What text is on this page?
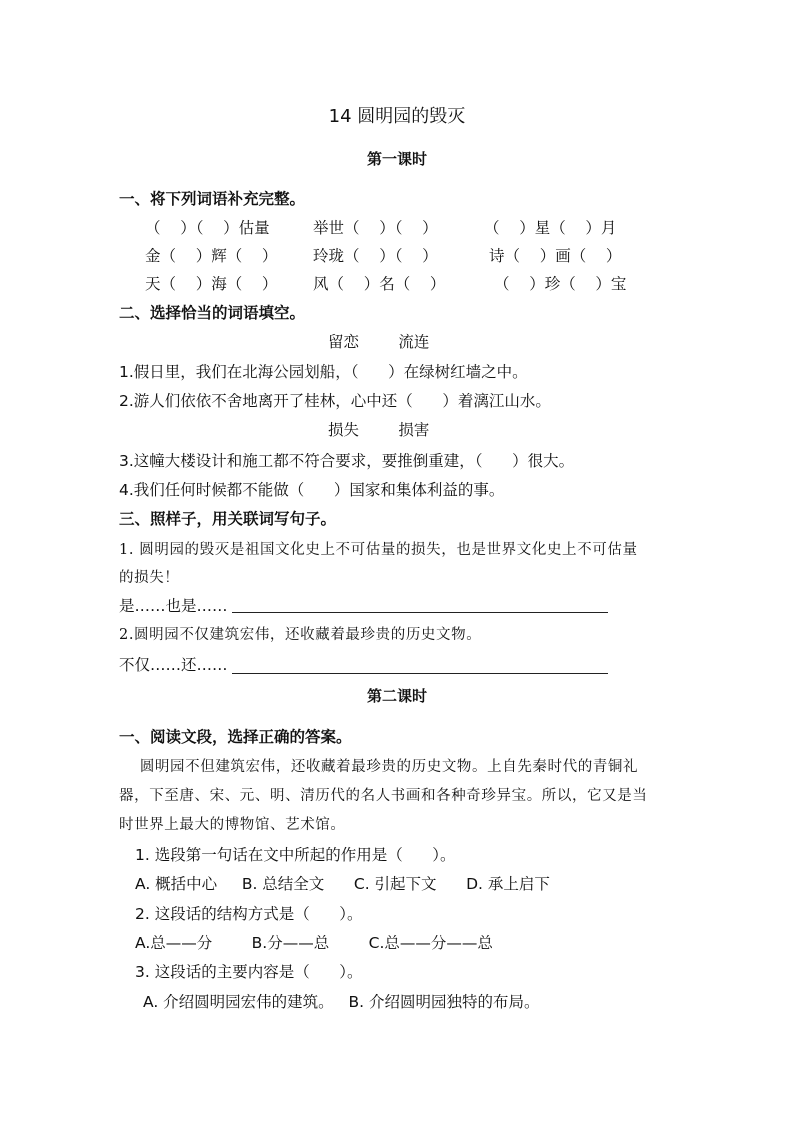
14 圆明园的毁灭
第一课时
一、将下列词语补充完整。
（    ）（    ）估量	举世（    ）（    ）	（    ）星（    ）月
金（    ）辉（    ） 玲珑（    ）（    ）	诗（    ）画（    ）
天（    ）海（    ） 风（    ）名（    ）	（    ）珍（    ）宝
二、选择恰当的词语填空。
留恋        流连
1.假日里，我们在北海公园划船，（      ）在绿树红墙之中。
2.游人们依依不舍地离开了桂林，心中还（      ）着漓江山水。
损失        损害
3.这幢大楼设计和施工都不符合要求，要推倒重建，（      ）很大。
4.我们任何时候都不能做（      ）国家和集体利益的事。
三、照样子，用关联词写句子。
1. 圆明园的毁灭是祖国文化史上不可估量的损失，也是世界文化史上不可估量
的损失！
是……也是……
2.圆明园不仅建筑宏伟，还收藏着最珍贵的历史文物。
不仅……还……
第二课时
一、阅读文段，选择正确的答案。
圆明园不但建筑宏伟，还收藏着最珍贵的历史文物。上自先秦时代的青铜礼
器，下至唐、宋、元、明、清历代的名人书画和各种奇珍异宝。所以，它又是当
时世界上最大的博物馆、艺术馆。
1. 选段第一句话在文中所起的作用是（      ）。
A. 概括中心     B. 总结全文      C. 引起下文      D. 承上启下
2. 这段话的结构方式是（      ）。
A.总——分        B.分——总        C.总——分——总
3. 这段话的主要内容是（      ）。
A. 介绍圆明园宏伟的建筑。   B. 介绍圆明园独特的布局。
